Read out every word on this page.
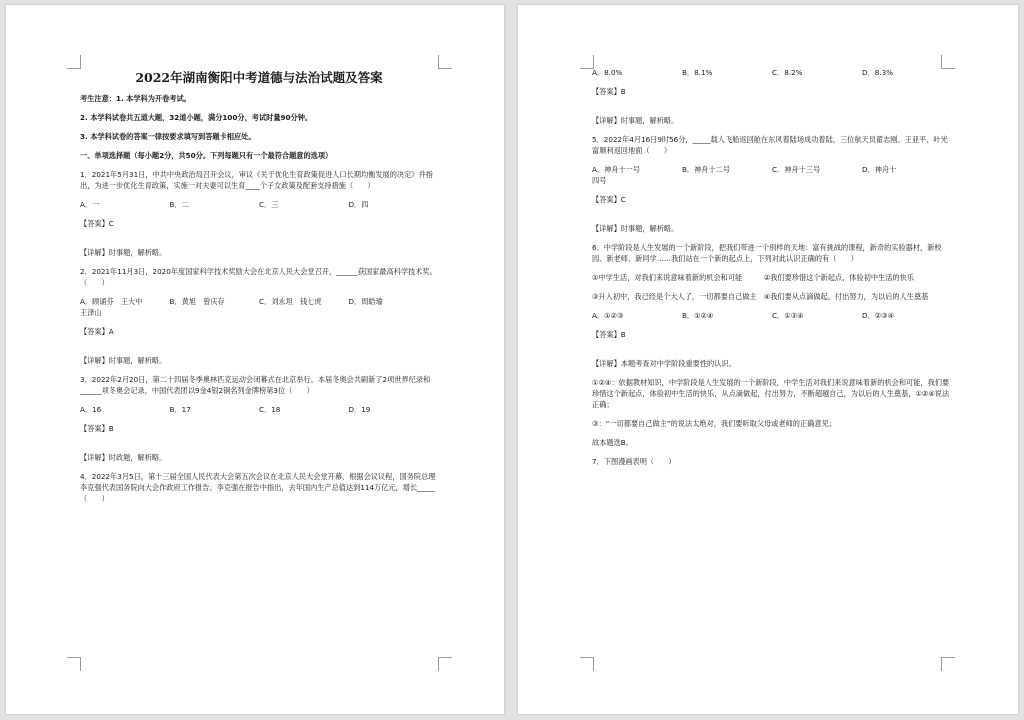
2022年湖南衡阳中考道德与法治试题及答案
考生注意：1. 本学科为开卷考试。
2. 本学科试卷共五道大题，32道小题，满分100分，考试时量90分钟。
3. 本学科试卷的答案一律按要求填写到答题卡相应处。
一、单项选择题（每小题2分，共50分。下列每题只有一个最符合题意的选项）
1．2021年5月31日，中共中央政治局召开会议，审议《关于优化生育政策促进人口长期均衡发展的决定》并指出，为进一步优化生育政策，实施一对夫妻可以生育____个子女政策及配套支持措施（　　）
A．一	B．二	C．三	D．四
【答案】C
【详解】时事题，解析略。
2．2021年11月3日，2020年度国家科学技术奖励大会在北京人民大会堂召开，______获国家最高科学技术奖。（　　）
A．顾诵芬　王大中	B．黄旭　曾庆存	C．刘永坦　钱七虎	D．周皓瑜
王泽山
【答案】A
【详解】时事题，解析略。
3．2022年2月20日，第二十四届冬季奥林匹克运动会闭幕式在北京举行。本届冬奥会共刷新了2项世界纪录和______项冬奥会记录，中国代表团以9金4银2铜名列金牌榜第3位（　　）
A．16	B．17	C．18	D．19
【答案】B
【详解】时政题，解析略。
4．2022年3月5日，第十三届全国人民代表大会第五次会议在北京人民大会堂开幕，根据会议议程，国务院总理李克强代表国务院向大会作政府工作报告。李克强在报告中指出，去年国内生产总值达到114万亿元，增长_____（　　）
A．8.0%	B．8.1%	C．8.2%	D．8.3%
【答案】B
【详解】时事题，解析略。
5．2022年4月16日9时56分，_____载人飞船返回舱在东风着陆场成功着陆，三位航天员翟志刚、王亚平、叶光富顺利返回地面（　　）
A．神舟十一号	B．神舟十二号	C．神舟十三号	D．神舟十
四号
【答案】C
【详解】时事题，解析略。
6．中学阶段是人生发展的一个新阶段，把我们带进一个别样的天地：富有挑战的课程，新奇的实验器材，新校园、新老师、新同学……我们站在一个新的起点上，下列对此认识正确的有（　　）
①中学生活，对我们来说意味着新的机会和可能　　　②我们要珍惜这个新起点，体验初中生活的快乐
③升入初中，我已经是个大人了，一切都要自己做主　④我们要从点滴做起，付出努力，为以后的人生奠基
A．①②③	B．①②④	C．①③④	D．②③④
【答案】B
【详解】本题考查对中学阶段重要性的认识。
①②④：依据教材知识，中学阶段是人生发展的一个新阶段，中学生活对我们来说意味着新的机会和可能，我们要珍惜这个新起点，体验初中生活的快乐，从点滴做起，付出努力，不断超越自己，为以后的人生奠基，①②④说法正确；
③：“一切都要自己做主”的说法太绝对，我们要听取父母或老师的正确意见；
故本题选B。
7．下图漫画表明（　　）
